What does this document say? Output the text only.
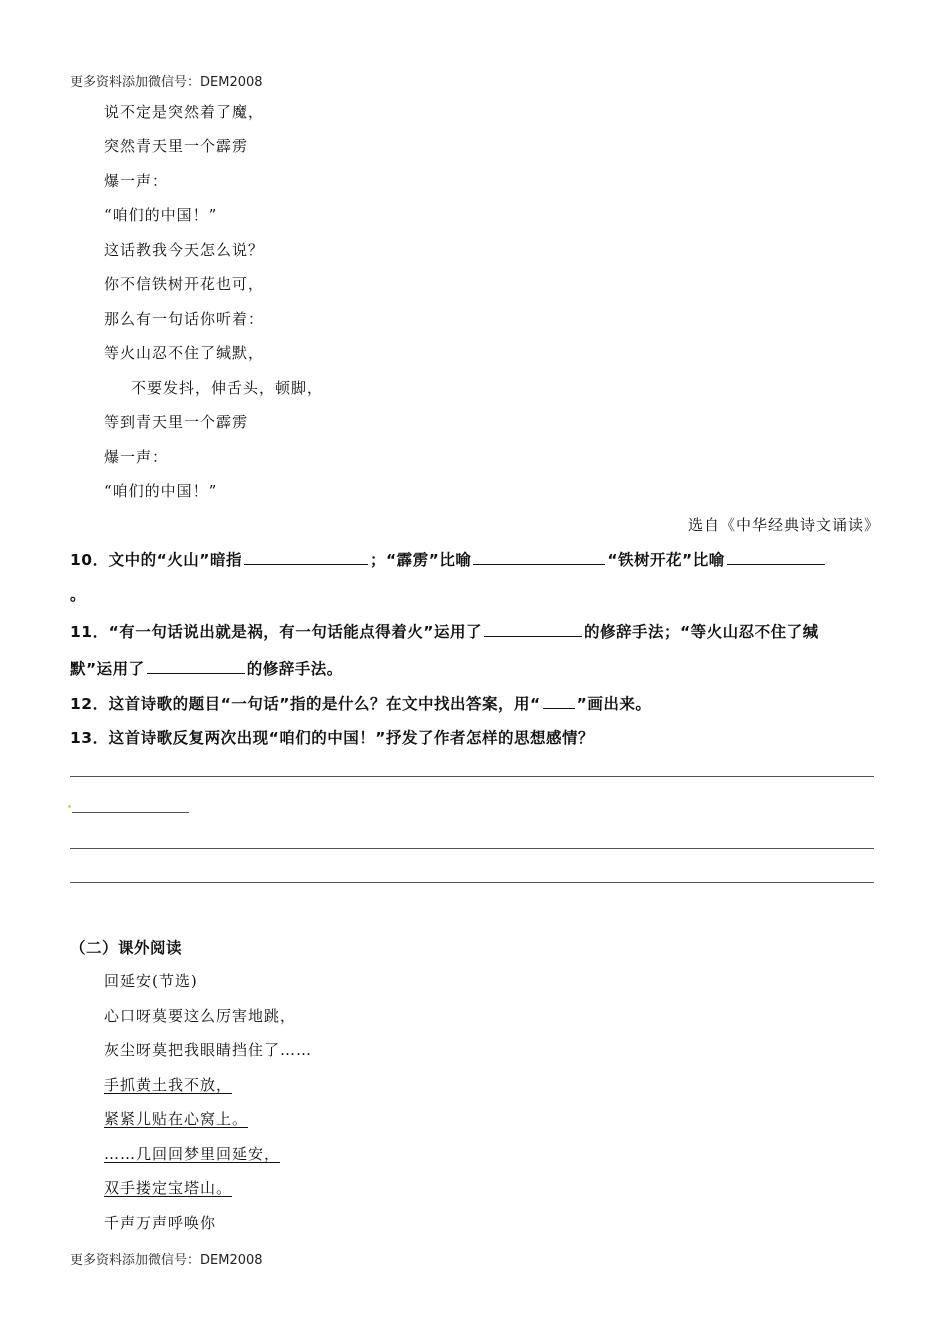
更多资料添加微信号：DEM2008
说不定是突然着了魔，
突然青天里一个霹雳
爆一声：
“咱们的中国！”
这话教我今天怎么说？
你不信铁树开花也可，
那么有一句话你听着：
等火山忍不住了缄默，
不要发抖，伸舌头，顿脚，
等到青天里一个霹雳
爆一声：
“咱们的中国！”
选自《中华经典诗文诵读》
10．文中的“火山”暗指	；“霹雳”比喻	“铁树开花”比喻
。
11．“有一句话说出就是祸，有一句话能点得着火”运用了	的修辞手法；“等火山忍不住了缄
默”运用了	的修辞手法。
12．这首诗歌的题目“一句话”指的是什么？在文中找出答案，用“ ”画出来。
13．这首诗歌反复两次出现“咱们的中国！”抒发了作者怎样的思想感情？
（二）课外阅读
回延安(节选)
心口呀莫要这么厉害地跳，
灰尘呀莫把我眼睛挡住了……
手抓黄土我不放，
紧紧儿贴在心窝上。
……几回回梦里回延安，
双手搂定宝塔山。
千声万声呼唤你
更多资料添加微信号：DEM2008
